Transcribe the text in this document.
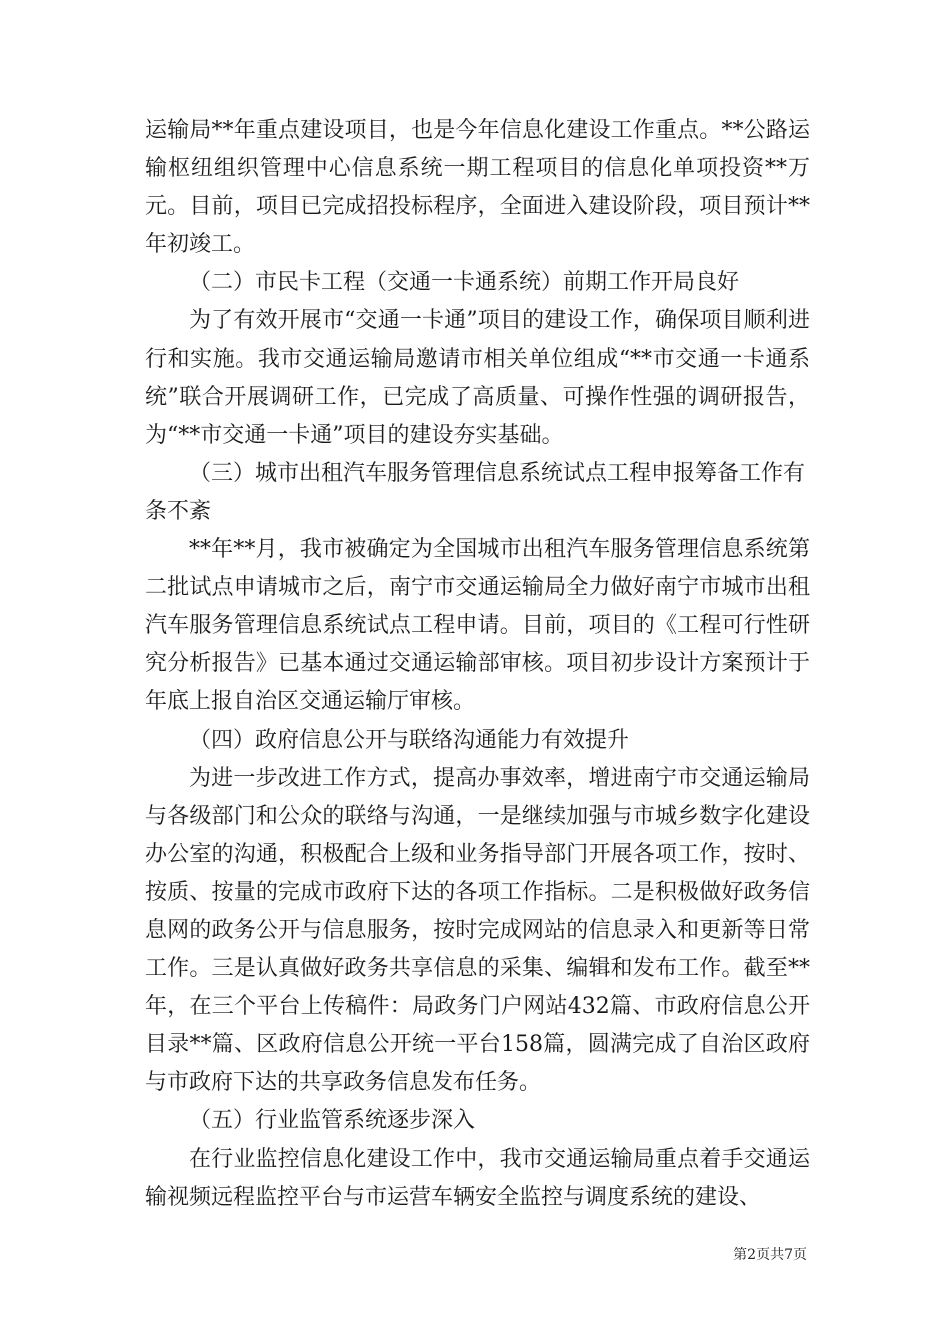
运输局**年重点建设项目，也是今年信息化建设工作重点。**公路运输枢纽组织管理中心信息系统一期工程项目的信息化单项投资**万元。目前，项目已完成招投标程序，全面进入建设阶段，项目预计**年初竣工。

（二）市民卡工程（交通一卡通系统）前期工作开局良好

为了有效开展市“交通一卡通”项目的建设工作，确保项目顺利进行和实施。我市交通运输局邀请市相关单位组成“**市交通一卡通系统”联合开展调研工作，已完成了高质量、可操作性强的调研报告，为“**市交通一卡通”项目的建设夯实基础。

（三）城市出租汽车服务管理信息系统试点工程申报筹备工作有条不紊

**年**月，我市被确定为全国城市出租汽车服务管理信息系统第二批试点申请城市之后，南宁市交通运输局全力做好南宁市城市出租汽车服务管理信息系统试点工程申请。目前，项目的《工程可行性研究分析报告》已基本通过交通运输部审核。项目初步设计方案预计于年底上报自治区交通运输厅审核。

（四）政府信息公开与联络沟通能力有效提升

为进一步改进工作方式，提高办事效率，增进南宁市交通运输局与各级部门和公众的联络与沟通，一是继续加强与市城乡数字化建设办公室的沟通，积极配合上级和业务指导部门开展各项工作，按时、按质、按量的完成市政府下达的各项工作指标。二是积极做好政务信息网的政务公开与信息服务，按时完成网站的信息录入和更新等日常工作。三是认真做好政务共享信息的采集、编辑和发布工作。截至**年，在三个平台上传稿件：局政务门户网站432篇、市政府信息公开目录**篇、区政府信息公开统一平台158篇，圆满完成了自治区政府与市政府下达的共享政务信息发布任务。

（五）行业监管系统逐步深入

在行业监控信息化建设工作中，我市交通运输局重点着手交通运输视频远程监控平台与市运营车辆安全监控与调度系统的建设、

第2页共7页
